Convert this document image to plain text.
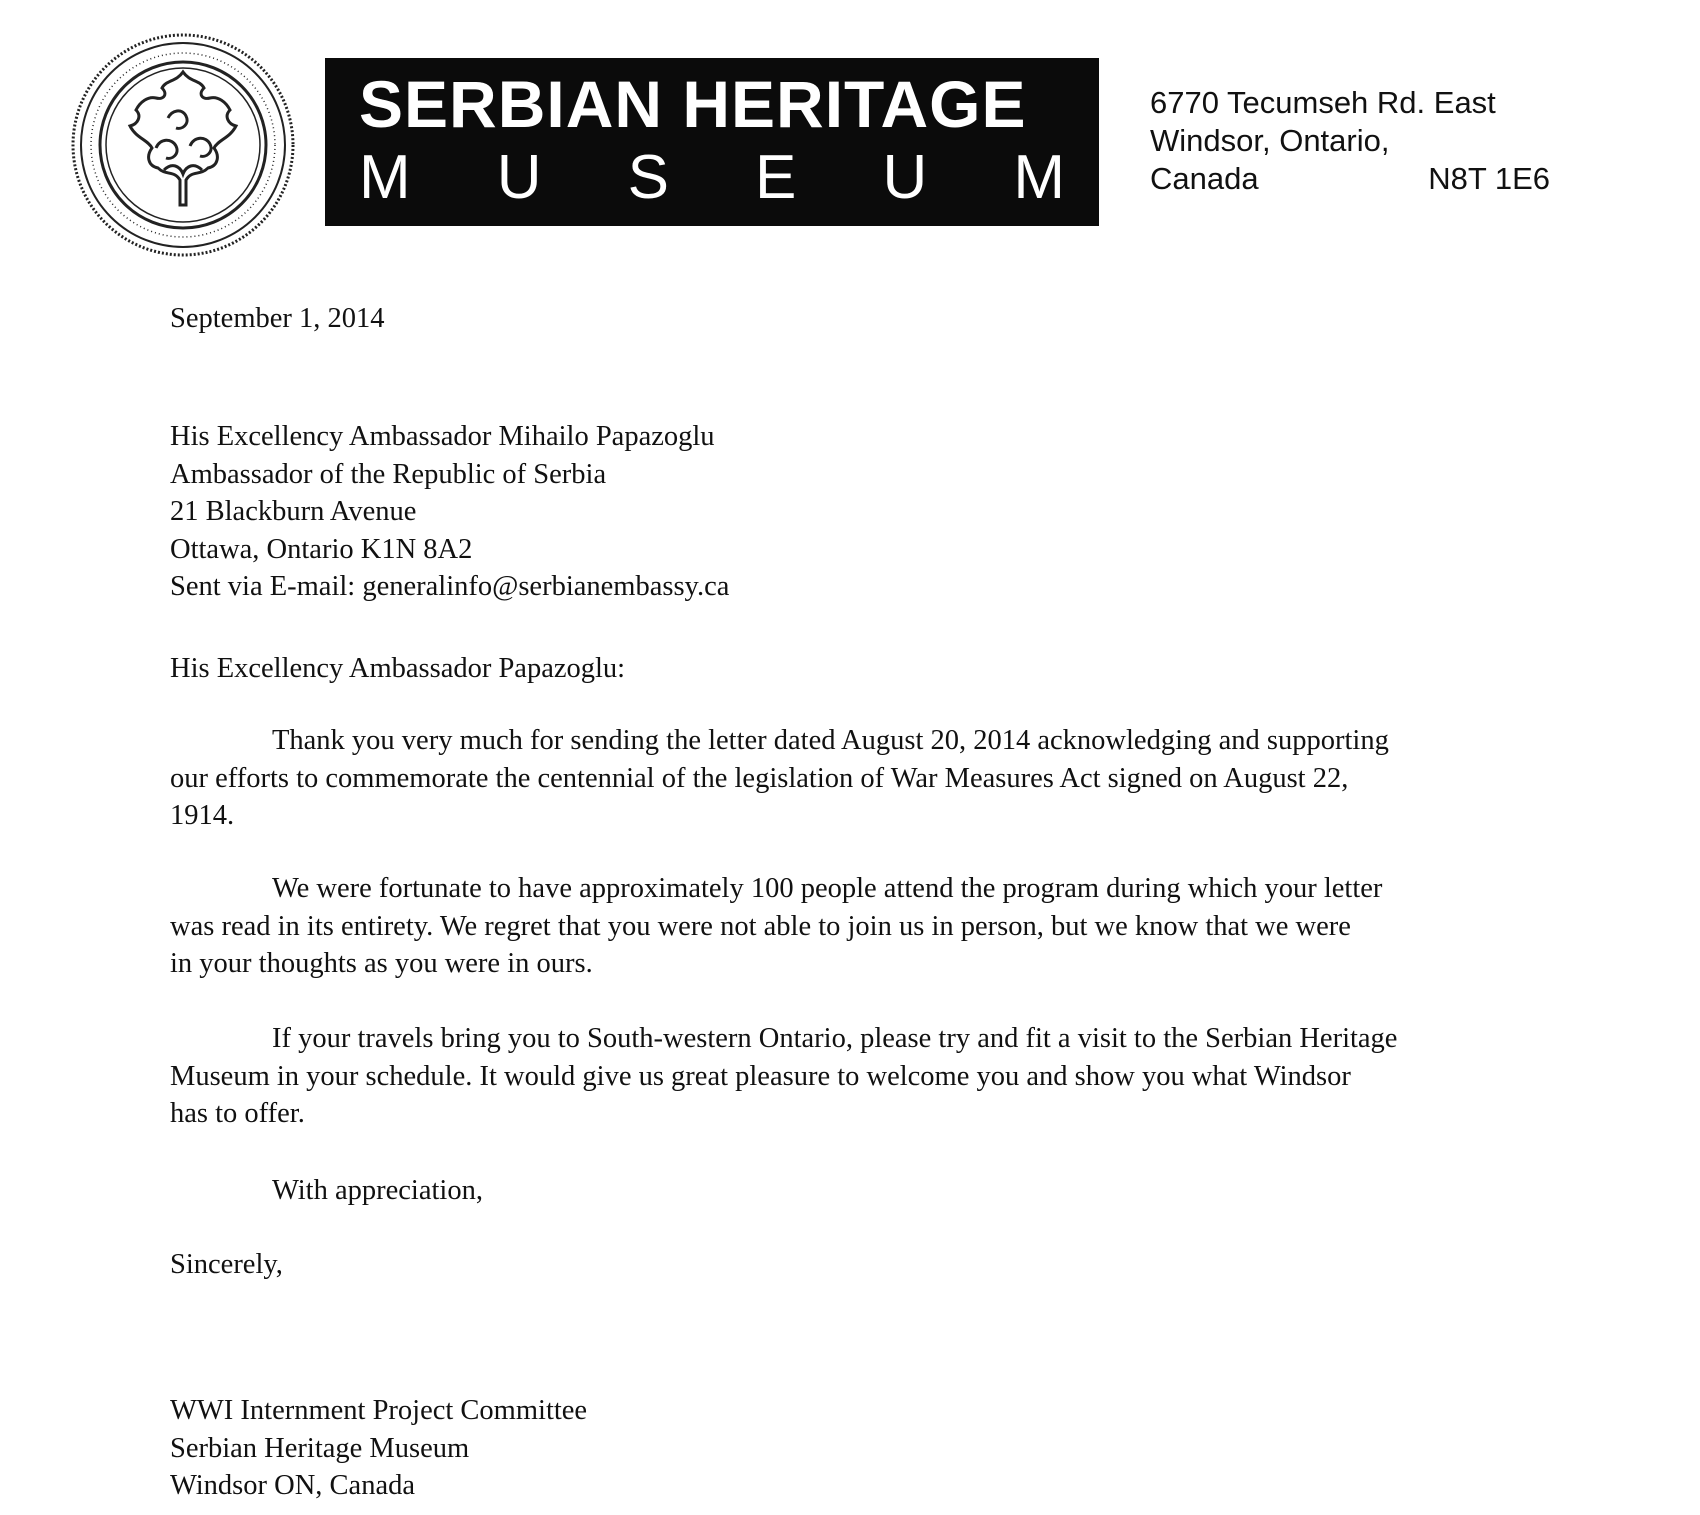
SERBIAN HERITAGE
M U S E U M
6770 Tecumseh Rd. East
Windsor, Ontario,
Canada	N8T 1E6
September 1, 2014
His Excellency Ambassador Mihailo Papazoglu
Ambassador of the Republic of Serbia
21 Blackburn Avenue
Ottawa, Ontario K1N 8A2
Sent via E-mail: generalinfo@serbianembassy.ca
His Excellency Ambassador Papazoglu:
Thank you very much for sending the letter dated August 20, 2014 acknowledging and supporting
our efforts to commemorate the centennial of the legislation of War Measures Act signed on August 22,
1914.
We were fortunate to have approximately 100 people attend the program during which your letter
was read in its entirety. We regret that you were not able to join us in person, but we know that we were
in your thoughts as you were in ours.
If your travels bring you to South-western Ontario, please try and fit a visit to the Serbian Heritage
Museum in your schedule. It would give us great pleasure to welcome you and show you what Windsor
has to offer.
With appreciation,
Sincerely,
WWI Internment Project Committee
Serbian Heritage Museum
Windsor ON, Canada
